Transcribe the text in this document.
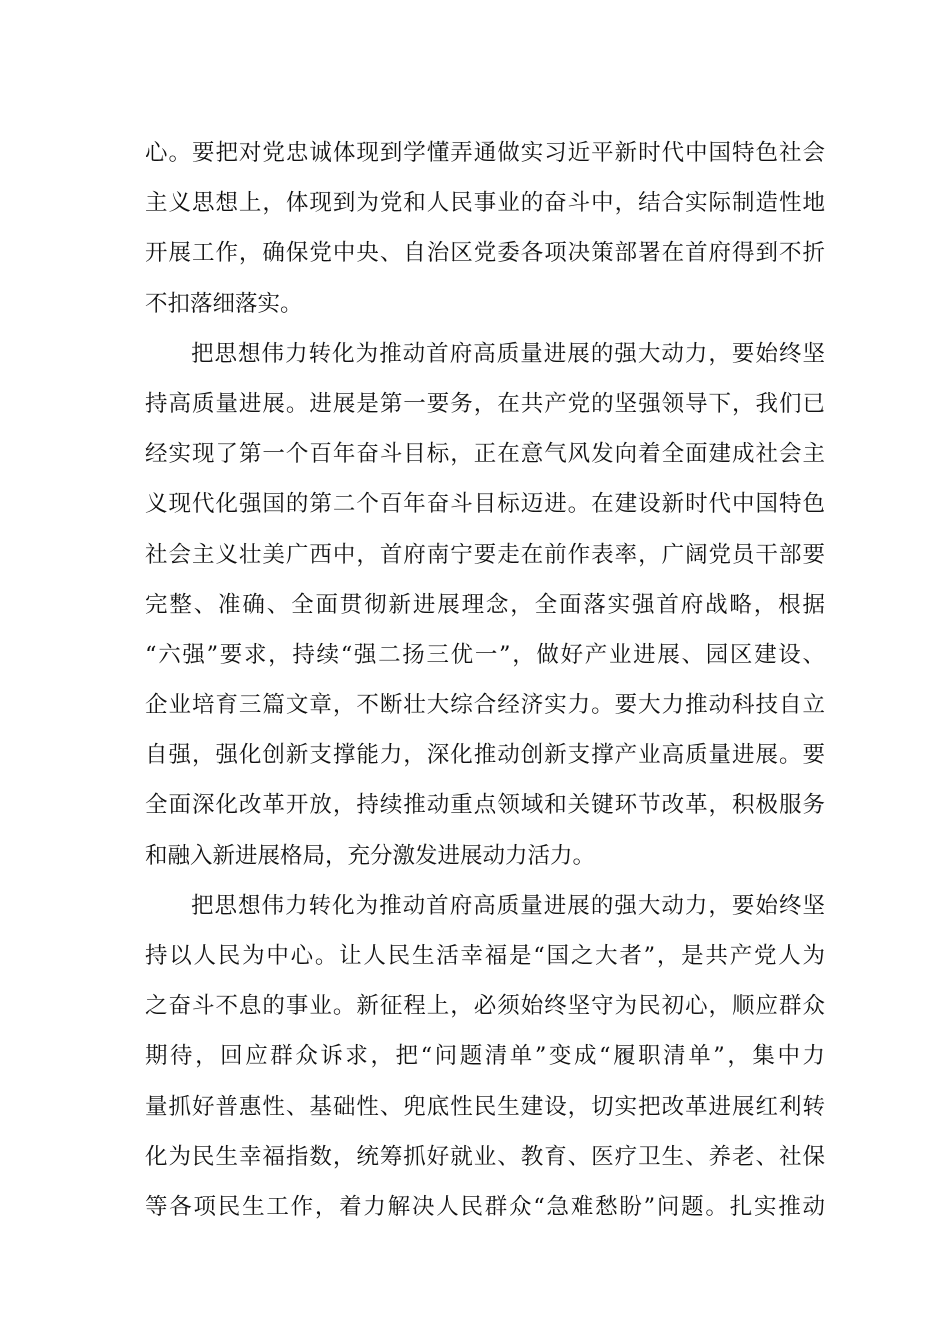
心。要把对党忠诚体现到学懂弄通做实习近平新时代中国特色社会
主义思想上，体现到为党和人民事业的奋斗中，结合实际制造性地
开展工作，确保党中央、自治区党委各项决策部署在首府得到不折
不扣落细落实。
把思想伟力转化为推动首府高质量进展的强大动力，要始终坚
持高质量进展。进展是第一要务，在共产党的坚强领导下，我们已
经实现了第一个百年奋斗目标，正在意气风发向着全面建成社会主
义现代化强国的第二个百年奋斗目标迈进。在建设新时代中国特色
社会主义壮美广西中，首府南宁要走在前作表率，广阔党员干部要
完整、准确、全面贯彻新进展理念，全面落实强首府战略，根据
“六强”要求，持续“强二扬三优一”，做好产业进展、园区建设、
企业培育三篇文章，不断壮大综合经济实力。要大力推动科技自立
自强，强化创新支撑能力，深化推动创新支撑产业高质量进展。要
全面深化改革开放，持续推动重点领域和关键环节改革，积极服务
和融入新进展格局，充分激发进展动力活力。
把思想伟力转化为推动首府高质量进展的强大动力，要始终坚
持以人民为中心。让人民生活幸福是“国之大者”，是共产党人为
之奋斗不息的事业。新征程上，必须始终坚守为民初心，顺应群众
期待，回应群众诉求，把“问题清单”变成“履职清单”，集中力
量抓好普惠性、基础性、兜底性民生建设，切实把改革进展红利转
化为民生幸福指数，统筹抓好就业、教育、医疗卫生、养老、社保
等各项民生工作，着力解决人民群众“急难愁盼”问题。扎实推动
